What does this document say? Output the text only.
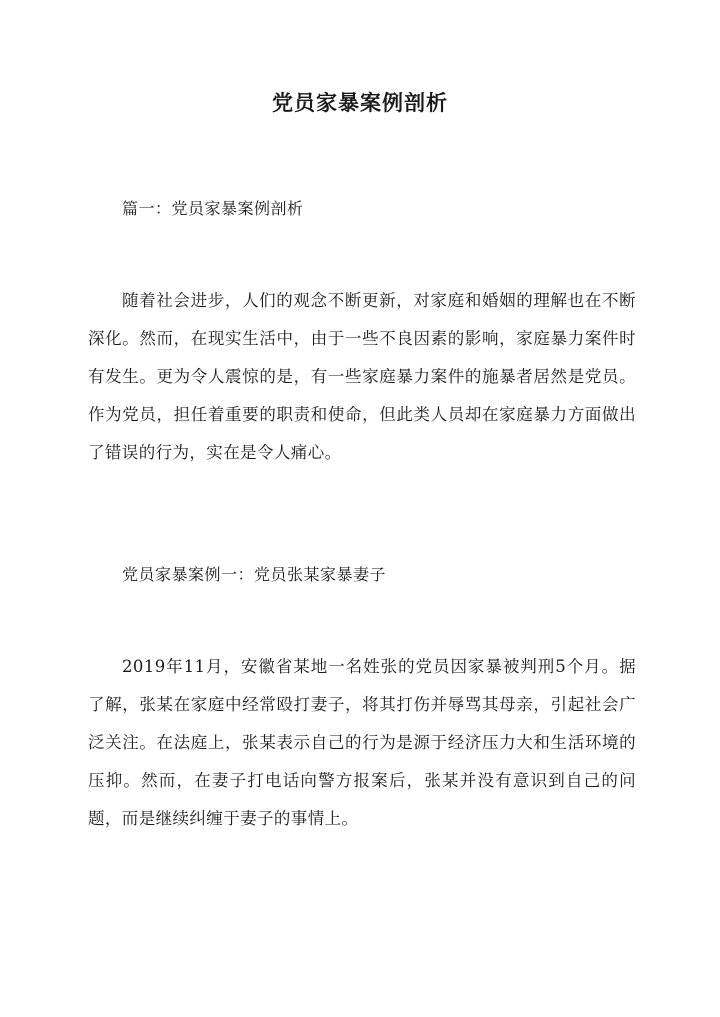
党员家暴案例剖析
篇一：党员家暴案例剖析
随着社会进步，人们的观念不断更新，对家庭和婚姻的理解也在不断深化。然而，在现实生活中，由于一些不良因素的影响，家庭暴力案件时有发生。更为令人震惊的是，有一些家庭暴力案件的施暴者居然是党员。作为党员，担任着重要的职责和使命，但此类人员却在家庭暴力方面做出了错误的行为，实在是令人痛心。
党员家暴案例一：党员张某家暴妻子
2019年11月，安徽省某地一名姓张的党员因家暴被判刑5个月。据了解，张某在家庭中经常殴打妻子，将其打伤并辱骂其母亲，引起社会广泛关注。在法庭上，张某表示自己的行为是源于经济压力大和生活环境的压抑。然而，在妻子打电话向警方报案后，张某并没有意识到自己的问题，而是继续纠缠于妻子的事情上。
